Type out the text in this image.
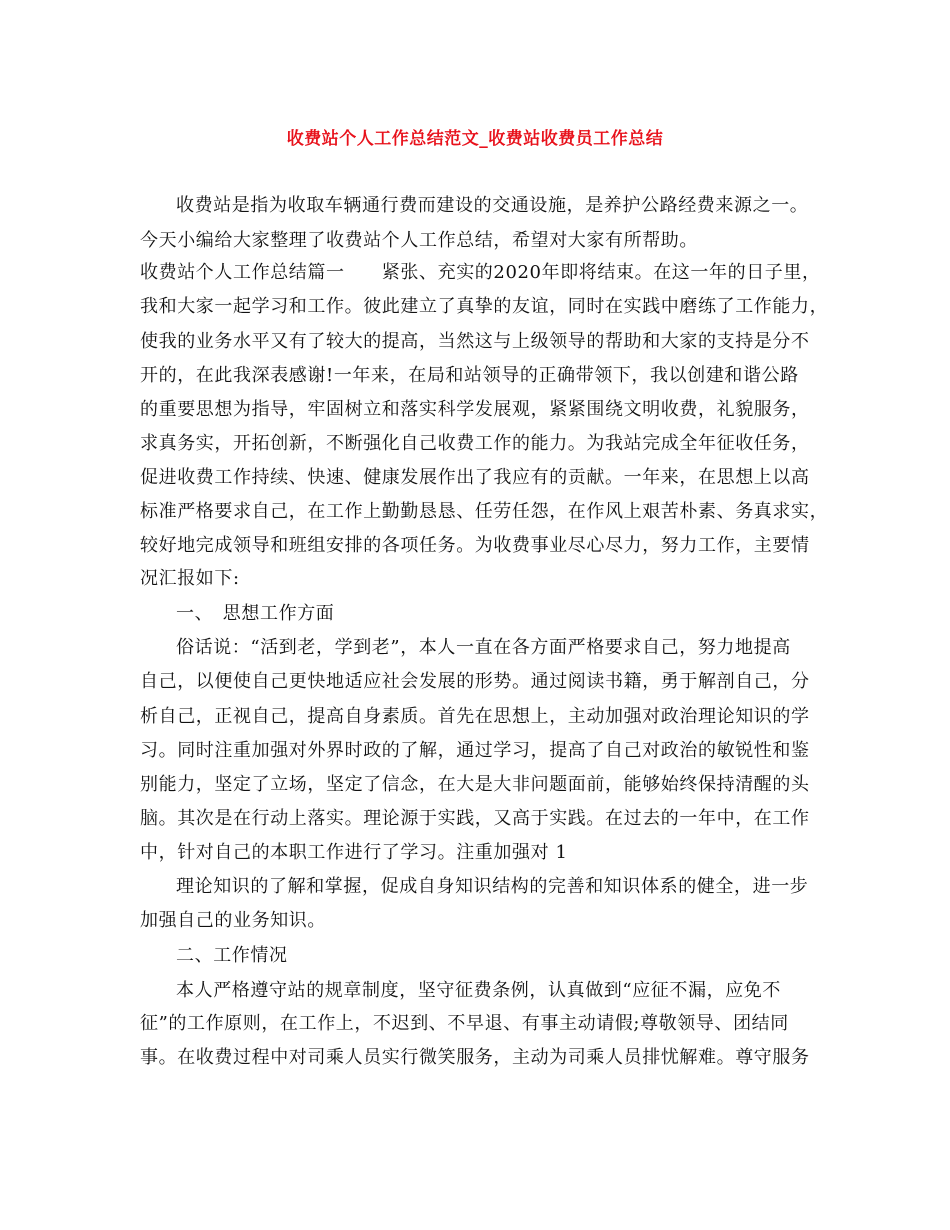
收费站个人工作总结范文_收费站收费员工作总结
收费站是指为收取车辆通行费而建设的交通设施，是养护公路经费来源之一。
今天小编给大家整理了收费站个人工作总结，希望对大家有所帮助。
收费站个人工作总结篇一　　紧张、充实的2020年即将结束。在这一年的日子里，
我和大家一起学习和工作。彼此建立了真挚的友谊，同时在实践中磨练了工作能力，
使我的业务水平又有了较大的提高，当然这与上级领导的帮助和大家的支持是分不
开的，在此我深表感谢!一年来，在局和站领导的正确带领下，我以创建和谐公路
的重要思想为指导，牢固树立和落实科学发展观，紧紧围绕文明收费，礼貌服务，
求真务实，开拓创新，不断强化自己收费工作的能力。为我站完成全年征收任务，
促进收费工作持续、快速、健康发展作出了我应有的贡献。一年来，在思想上以高
标准严格要求自己，在工作上勤勤恳恳、任劳任怨，在作风上艰苦朴素、务真求实，
较好地完成领导和班组安排的各项任务。为收费事业尽心尽力，努力工作，主要情
况汇报如下:
一、　思想工作方面
俗话说：“活到老，学到老”，本人一直在各方面严格要求自己，努力地提高
自己，以便使自己更快地适应社会发展的形势。通过阅读书籍，勇于解剖自己，分
析自己，正视自己，提高自身素质。首先在思想上，主动加强对政治理论知识的学
习。同时注重加强对外界时政的了解，通过学习，提高了自己对政治的敏锐性和鉴
别能力，坚定了立场，坚定了信念，在大是大非问题面前，能够始终保持清醒的头
脑。其次是在行动上落实。理论源于实践，又高于实践。在过去的一年中，在工作
中，针对自己的本职工作进行了学习。注重加强对 1
理论知识的了解和掌握，促成自身知识结构的完善和知识体系的健全，进一步
加强自己的业务知识。
二、工作情况
本人严格遵守站的规章制度，坚守征费条例，认真做到“应征不漏，应免不
征”的工作原则，在工作上，不迟到、不早退、有事主动请假;尊敬领导、团结同
事。在收费过程中对司乘人员实行微笑服务，主动为司乘人员排忧解难。尊守服务
